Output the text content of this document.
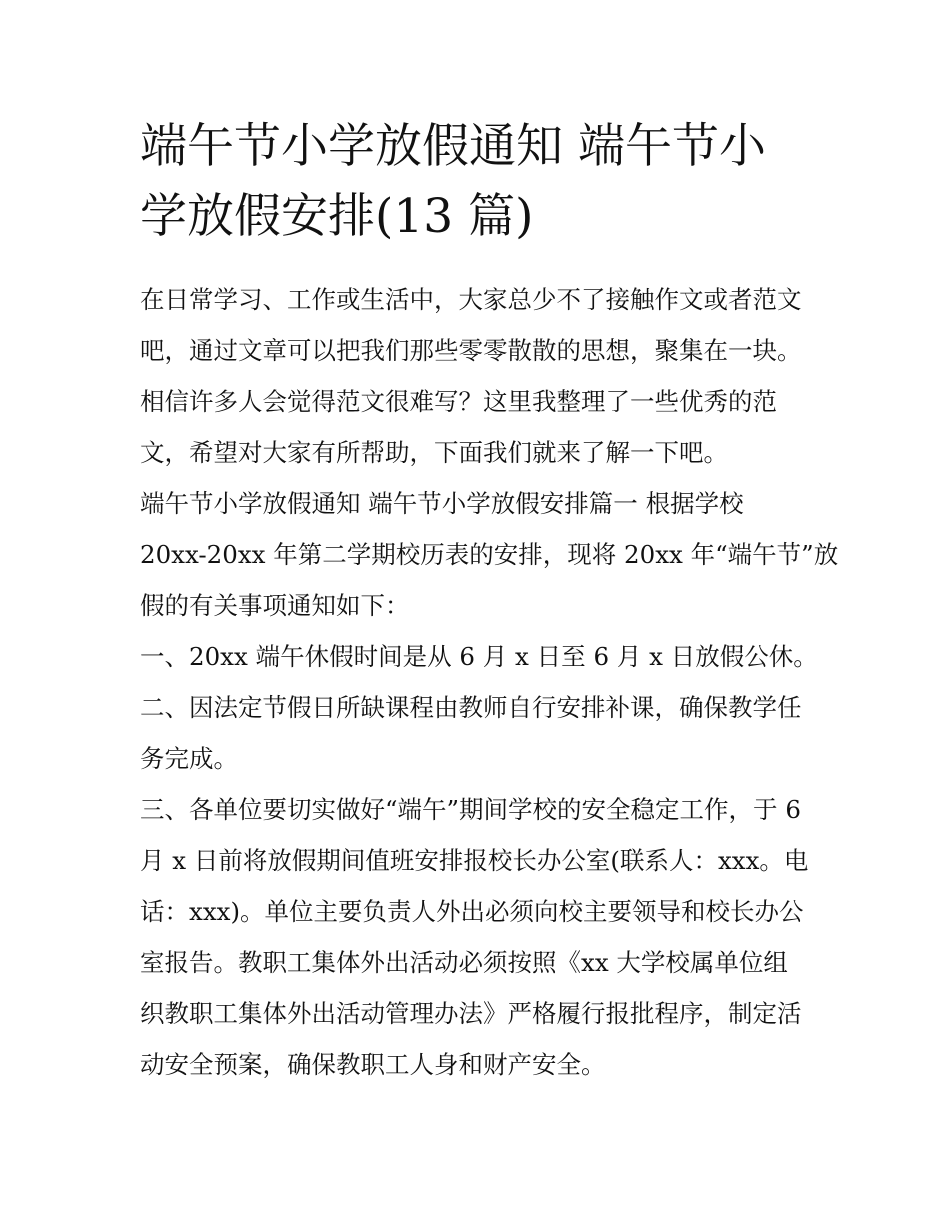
端午节小学放假通知 端午节小
学放假安排(13 篇)

在日常学习、工作或生活中，大家总少不了接触作文或者范文
吧，通过文章可以把我们那些零零散散的思想，聚集在一块。
相信许多人会觉得范文很难写？这里我整理了一些优秀的范
文，希望对大家有所帮助，下面我们就来了解一下吧。

端午节小学放假通知 端午节小学放假安排篇一 根据学校
20xx-20xx 年第二学期校历表的安排，现将 20xx 年“端午节”放
假的有关事项通知如下：

一、20xx 端午休假时间是从 6 月 x 日至 6 月 x 日放假公休。

二、因法定节假日所缺课程由教师自行安排补课，确保教学任
务完成。

三、各单位要切实做好“端午”期间学校的安全稳定工作，于 6
月 x 日前将放假期间值班安排报校长办公室(联系人：xxx。电
话：xxx)。单位主要负责人外出必须向校主要领导和校长办公
室报告。教职工集体外出活动必须按照《xx 大学校属单位组
织教职工集体外出活动管理办法》严格履行报批程序，制定活
动安全预案，确保教职工人身和财产安全。
